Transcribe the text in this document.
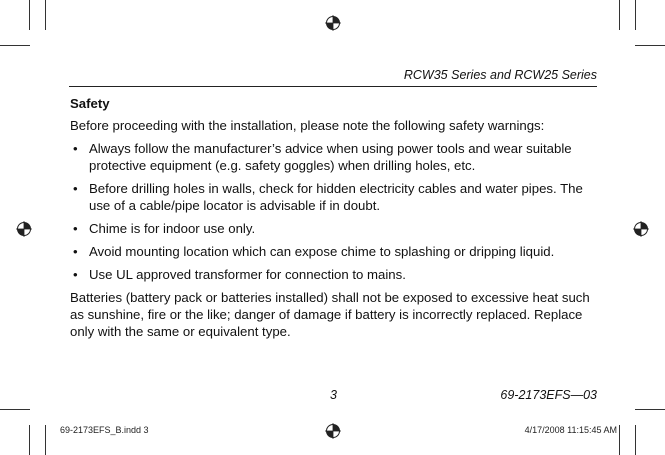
RCW35 Series and RCW25 Series
Safety

Before proceeding with the installation, please note the following safety warnings:

• Always follow the manufacturer’s advice when using power tools and wear suitable protective equipment (e.g. safety goggles) when drilling holes, etc.
• Before drilling holes in walls, check for hidden electricity cables and water pipes. The use of a cable/pipe locator is advisable if in doubt.
• Chime is for indoor use only.
• Avoid mounting location which can expose chime to splashing or dripping liquid.
• Use UL approved transformer for connection to mains.

Batteries (battery pack or batteries installed) shall not be exposed to excessive heat such as sunshine, fire or the like; danger of damage if battery is incorrectly replaced. Replace only with the same or equivalent type.

3	69-2173EFS—03
69-2173EFS_B.indd 3	4/17/2008 11:15:45 AM
